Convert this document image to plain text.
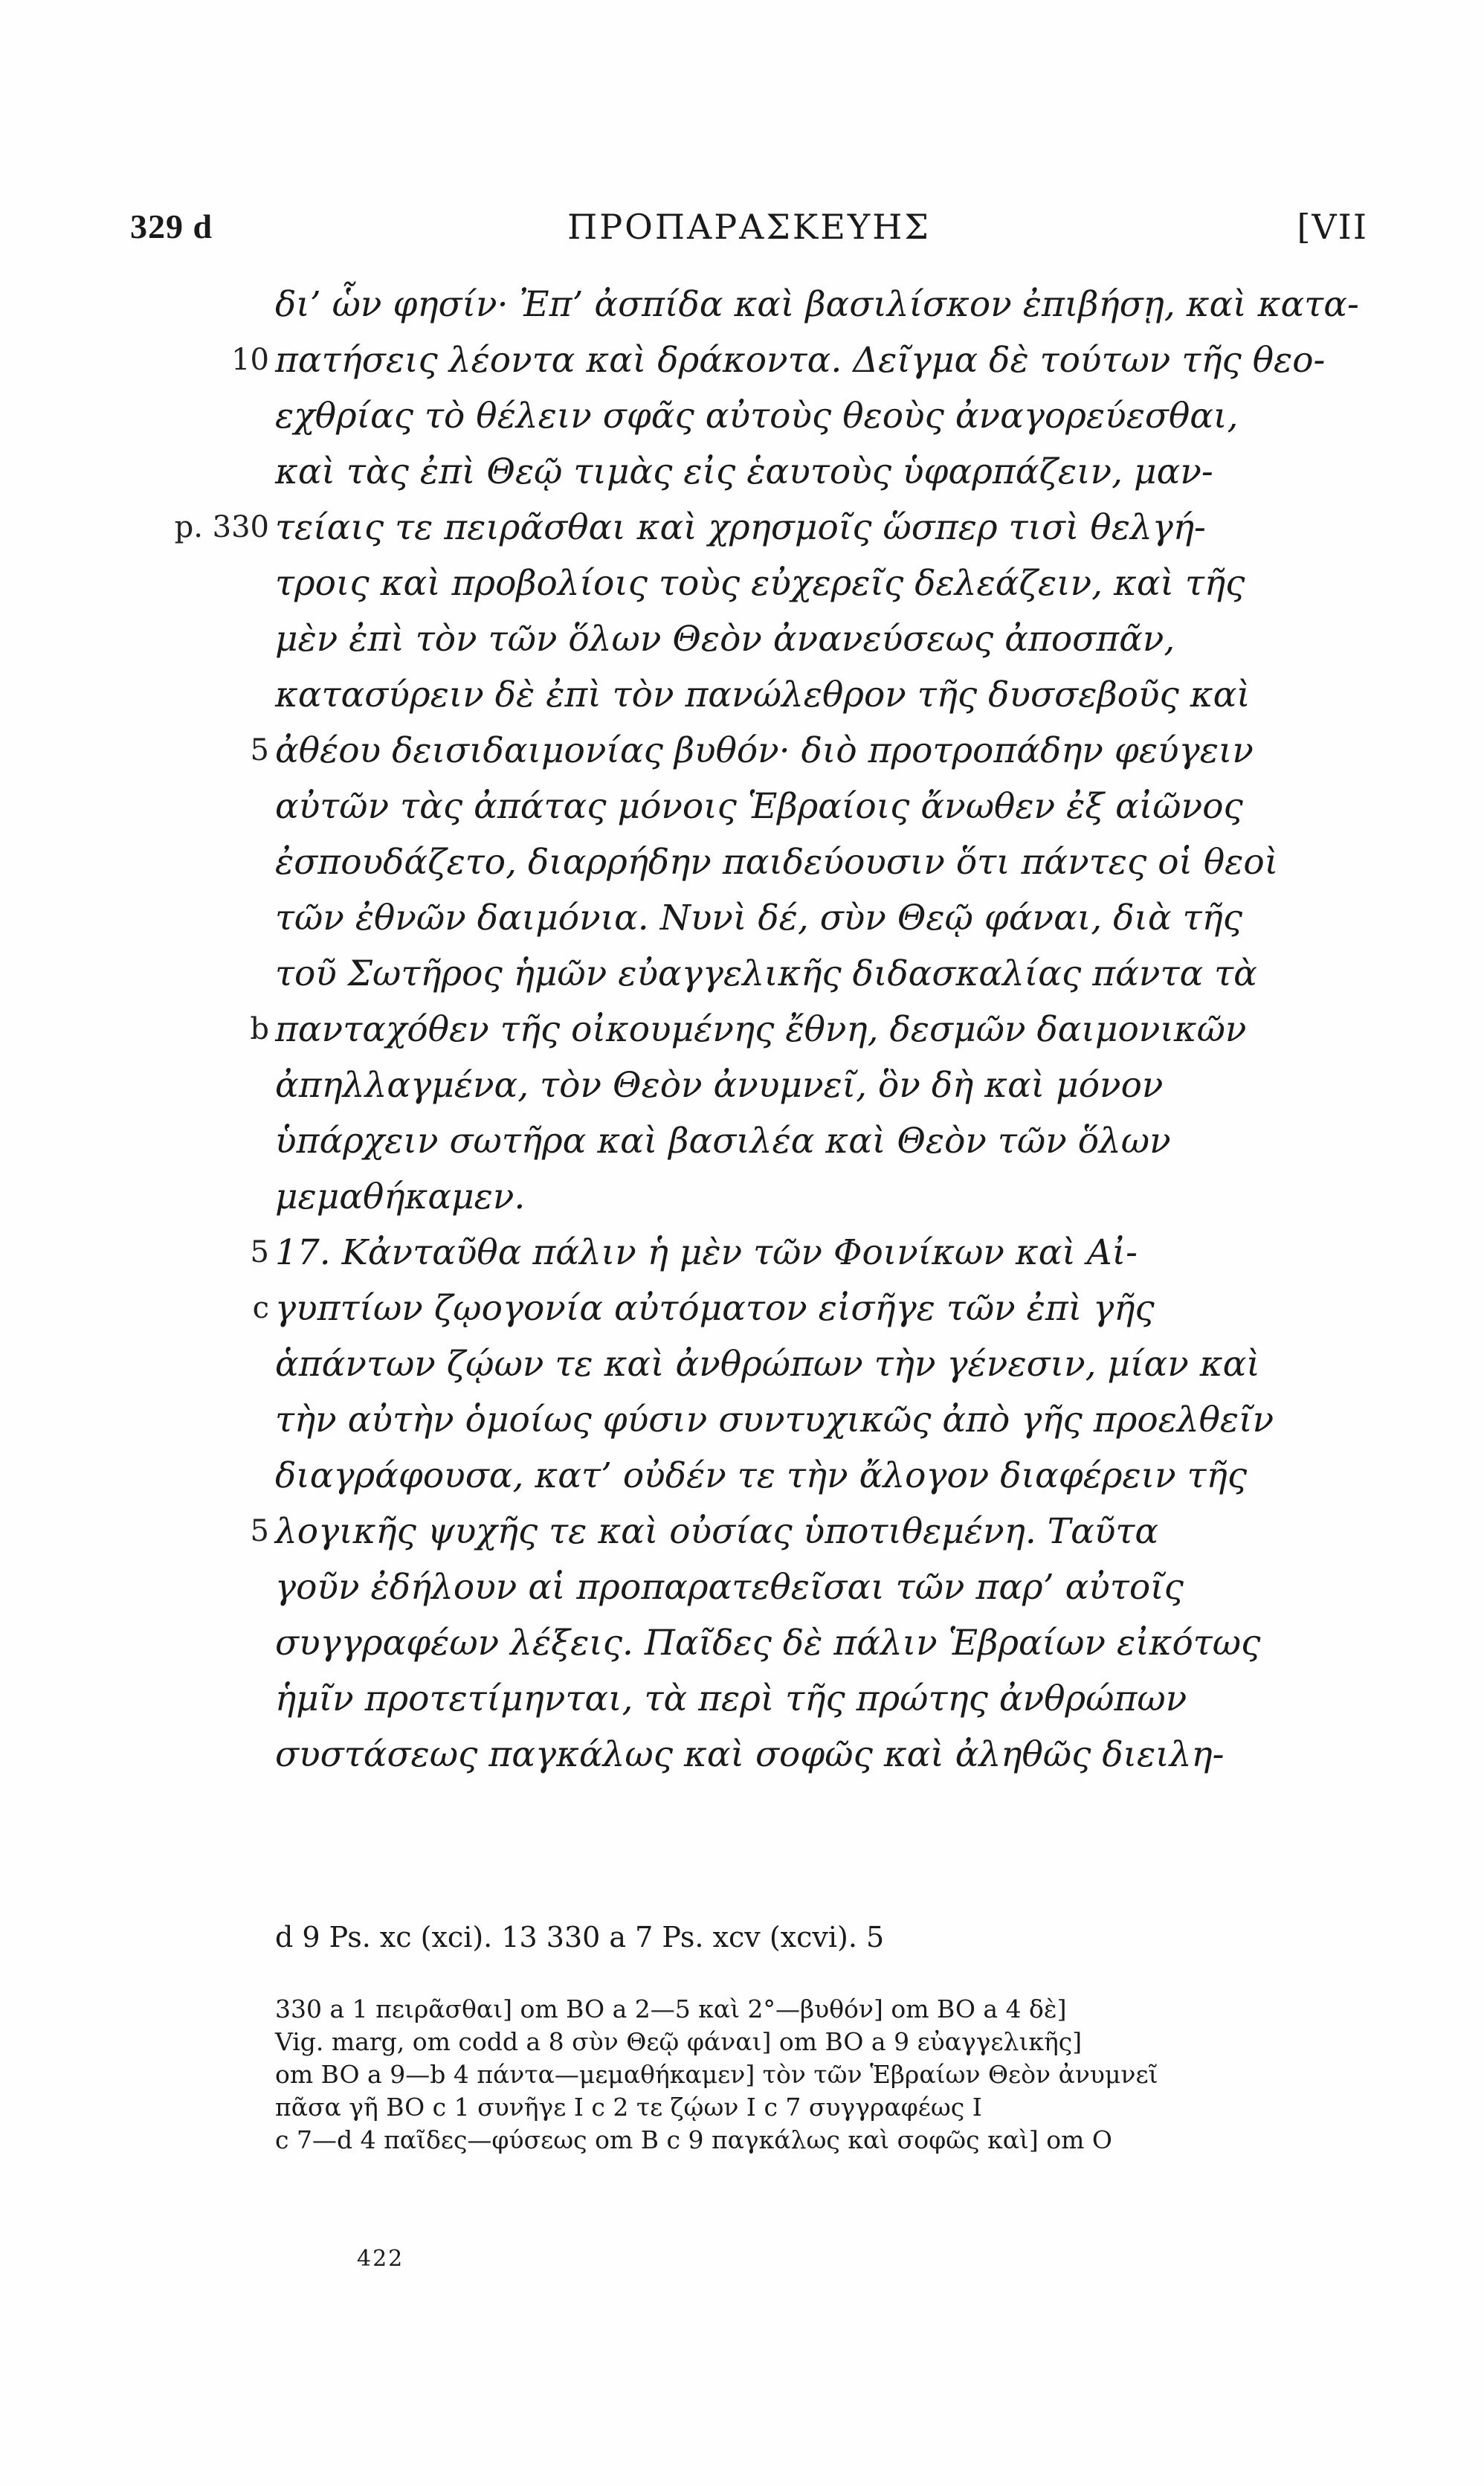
329 d	ΠΡΟΠΑΡΑΣΚΕΥΗΣ	[VII
δι’ ὧν φησίν· Ἐπ’ ἀσπίδα καὶ βασιλίσκον ἐπιβήσῃ, καὶ κατα-
10 πατήσεις λέοντα καὶ δράκοντα. Δεῖγμα δὲ τούτων τῆς θεο-
εχθρίας τὸ θέλειν σφᾶς αὐτοὺς θεοὺς ἀναγορεύεσθαι,
καὶ τὰς ἐπὶ Θεῷ τιμὰς εἰς ἑαυτοὺς ὑφαρπάζειν, μαν-
p. 330 τείαις τε πειρᾶσθαι καὶ χρησμοῖς ὥσπερ τισὶ θελγή-
τροις καὶ προβολίοις τοὺς εὐχερεῖς δελεάζειν, καὶ τῆς
μὲν ἐπὶ τὸν τῶν ὅλων Θεὸν ἀνανεύσεως ἀποσπᾶν,
κατασύρειν δὲ ἐπὶ τὸν πανώλεθρον τῆς δυσσεβοῦς καὶ
5 ἀθέου δεισιδαιμονίας βυθόν· διὸ προτροπάδην φεύγειν
αὐτῶν τὰς ἀπάτας μόνοις Ἑβραίοις ἄνωθεν ἐξ αἰῶνος
ἐσπουδάζετο, διαρρήδην παιδεύουσιν ὅτι πάντες οἱ θεοὶ
τῶν ἐθνῶν δαιμόνια. Νυνὶ δέ, σὺν Θεῷ φάναι, διὰ τῆς
τοῦ Σωτῆρος ἡμῶν εὐαγγελικῆς διδασκαλίας πάντα τὰ
b πανταχόθεν τῆς οἰκουμένης ἔθνη, δεσμῶν δαιμονικῶν
ἀπηλλαγμένα, τὸν Θεὸν ἀνυμνεῖ, ὃν δὴ καὶ μόνον
ὑπάρχειν σωτῆρα καὶ βασιλέα καὶ Θεὸν τῶν ὅλων
μεμαθήκαμεν.
5 17. Κἀνταῦθα πάλιν ἡ μὲν τῶν Φοινίκων καὶ Αἰ-
c γυπτίων ζῳογονία αὐτόματον εἰσῆγε τῶν ἐπὶ γῆς
ἁπάντων ζῴων τε καὶ ἀνθρώπων τὴν γένεσιν, μίαν καὶ
τὴν αὐτὴν ὁμοίως φύσιν συντυχικῶς ἀπὸ γῆς προελθεῖν
διαγράφουσα, κατ’ οὐδέν τε τὴν ἄλογον διαφέρειν τῆς
5 λογικῆς ψυχῆς τε καὶ οὐσίας ὑποτιθεμένη. Ταῦτα
γοῦν ἐδήλουν αἱ προπαρατεθεῖσαι τῶν παρ’ αὐτοῖς
συγγραφέων λέξεις. Παῖδες δὲ πάλιν Ἑβραίων εἰκότως
ἡμῖν προτετίμηνται, τὰ περὶ τῆς πρώτης ἀνθρώπων
συστάσεως παγκάλως καὶ σοφῶς καὶ ἀληθῶς διειλη-
d 9 Ps. xc (xci). 13 330 a 7 Ps. xcv (xcvi). 5
330 a 1 πειρᾶσθαι] om BO a 2—5 καὶ 2°—βυθόν] om BO a 4 δὲ]
Vig. marg, om codd a 8 σὺν Θεῷ φάναι] om BO a 9 εὐαγγελικῆς]
om BO a 9—b 4 πάντα—μεμαθήκαμεν] τὸν τῶν Ἑβραίων Θεὸν ἀνυμνεῖ
πᾶσα γῆ BO c 1 συνῆγε I c 2 τε ζῴων I c 7 συγγραφέως I
c 7—d 4 παῖδες—φύσεως om B c 9 παγκάλως καὶ σοφῶς καὶ] om O
422
